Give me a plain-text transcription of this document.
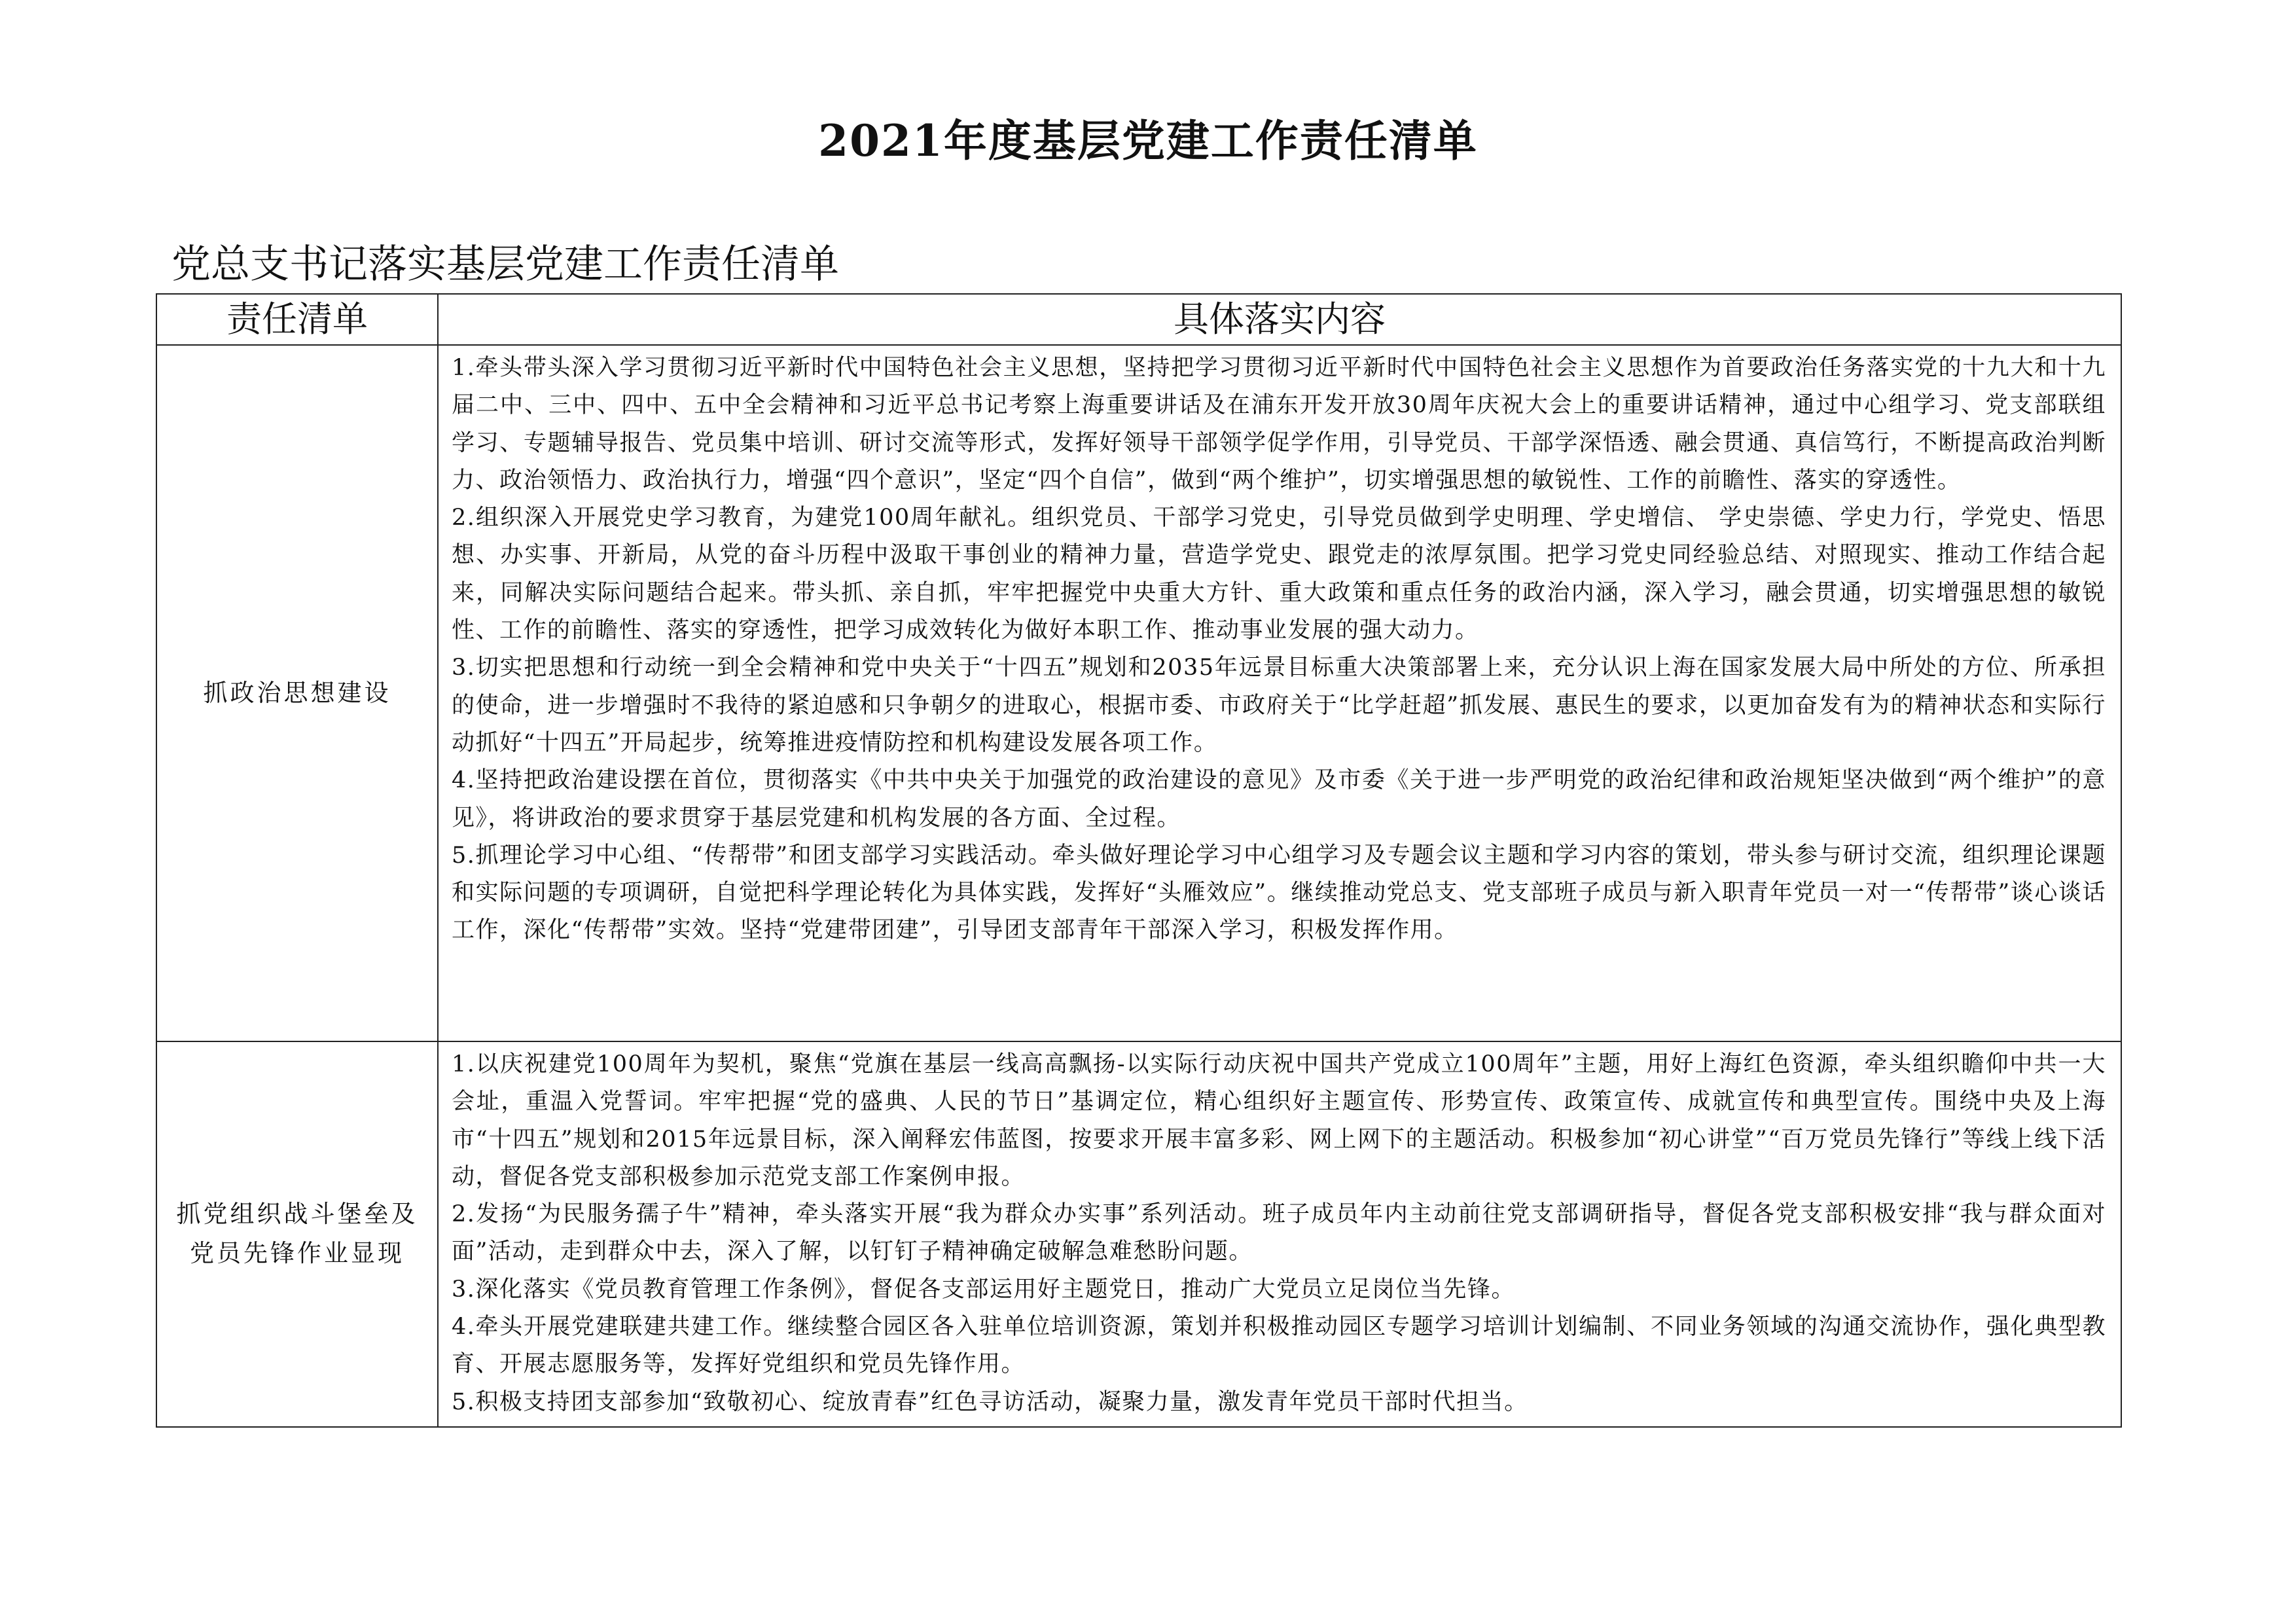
2021年度基层党建工作责任清单
党总支书记落实基层党建工作责任清单
责任清单	具体落实内容
抓政治思想建设	1.牵头带头深入学习贯彻习近平新时代中国特色社会主义思想，坚持把学习贯彻习近平新时代中国特色社会主义思想作为首要政治任务落实党的十九大和十九届二中、三中、四中、五中全会精神和习近平总书记考察上海重要讲话及在浦东开发开放30周年庆祝大会上的重要讲话精神，通过中心组学习、党支部联组学习、专题辅导报告、党员集中培训、研讨交流等形式，发挥好领导干部领学促学作用，引导党员、干部学深悟透、融会贯通、真信笃行，不断提高政治判断力、政治领悟力、政治执行力，增强“四个意识”，坚定“四个自信”，做到“两个维护”，切实增强思想的敏锐性、工作的前瞻性、落实的穿透性。

2.组织深入开展党史学习教育，为建党100周年献礼。组织党员、干部学习党史，引导党员做到学史明理、学史增信、 学史崇德、学史力行，学党史、悟思想、办实事、开新局，从党的奋斗历程中汲取干事创业的精神力量，营造学党史、跟党走的浓厚氛围。把学习党史同经验总结、对照现实、推动工作结合起来，同解决实际问题结合起来。带头抓、亲自抓，牢牢把握党中央重大方针、重大政策和重点任务的政治内涵，深入学习，融会贯通，切实增强思想的敏锐性、工作的前瞻性、落实的穿透性，把学习成效转化为做好本职工作、推动事业发展的强大动力。

3.切实把思想和行动统一到全会精神和党中央关于“十四五”规划和2035年远景目标重大决策部署上来，充分认识上海在国家发展大局中所处的方位、所承担的使命，进一步增强时不我待的紧迫感和只争朝夕的进取心，根据市委、市政府关于“比学赶超”抓发展、惠民生的要求，以更加奋发有为的精神状态和实际行动抓好“十四五”开局起步，统筹推进疫情防控和机构建设发展各项工作。

4.坚持把政治建设摆在首位，贯彻落实《中共中央关于加强党的政治建设的意见》及市委《关于进一步严明党的政治纪律和政治规矩坚决做到“两个维护”的意见》，将讲政治的要求贯穿于基层党建和机构发展的各方面、全过程。

5.抓理论学习中心组、“传帮带”和团支部学习实践活动。牵头做好理论学习中心组学习及专题会议主题和学习内容的策划，带头参与研讨交流，组织理论课题和实际问题的专项调研，自觉把科学理论转化为具体实践，发挥好“头雁效应”。继续推动党总支、党支部班子成员与新入职青年党员一对一“传帮带”谈心谈话工作，深化“传帮带”实效。坚持“党建带团建”，引导团支部青年干部深入学习，积极发挥作用。

抓党组织战斗堡垒及党员先锋作业显现	1.以庆祝建党100周年为契机，聚焦“党旗在基层一线高高飘扬-以实际行动庆祝中国共产党成立100周年”主题，用好上海红色资源，牵头组织瞻仰中共一大会址，重温入党誓词。牢牢把握“党的盛典、人民的节日”基调定位，精心组织好主题宣传、形势宣传、政策宣传、成就宣传和典型宣传。围绕中央及上海市“十四五”规划和2015年远景目标，深入阐释宏伟蓝图，按要求开展丰富多彩、网上网下的主题活动。积极参加“初心讲堂”“百万党员先锋行”等线上线下活动，督促各党支部积极参加示范党支部工作案例申报。

2.发扬“为民服务孺子牛”精神，牵头落实开展“我为群众办实事”系列活动。班子成员年内主动前往党支部调研指导，督促各党支部积极安排“我与群众面对面”活动，走到群众中去，深入了解，以钉钉子精神确定破解急难愁盼问题。

3.深化落实《党员教育管理工作条例》，督促各支部运用好主题党日，推动广大党员立足岗位当先锋。

4.牵头开展党建联建共建工作。继续整合园区各入驻单位培训资源，策划并积极推动园区专题学习培训计划编制、不同业务领域的沟通交流协作，强化典型教育、开展志愿服务等，发挥好党组织和党员先锋作用。

5.积极支持团支部参加“致敬初心、绽放青春”红色寻访活动，凝聚力量，激发青年党员干部时代担当。
